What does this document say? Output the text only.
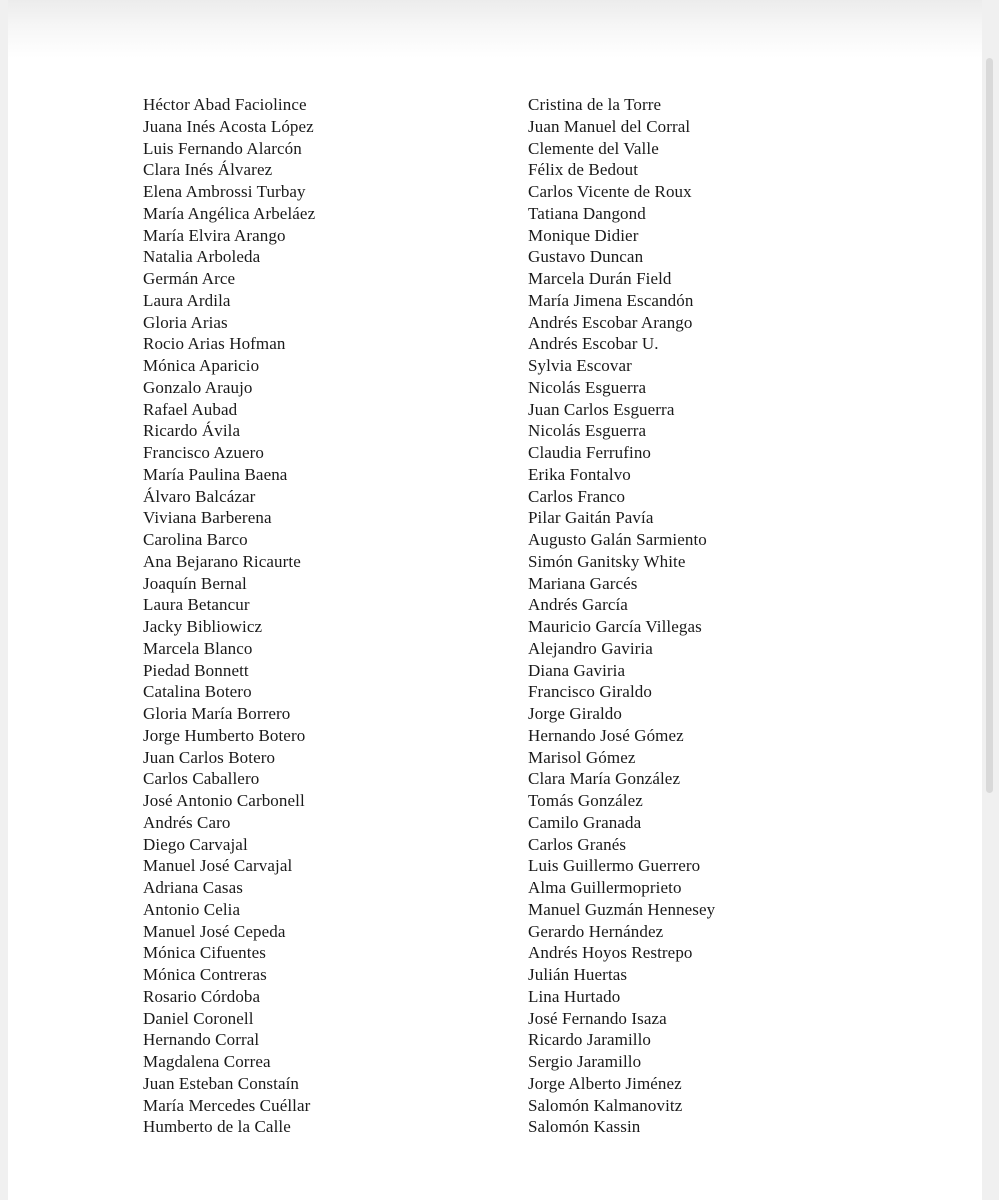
Héctor Abad Faciolince
Juana Inés Acosta López
Luis Fernando Alarcón
Clara Inés Álvarez
Elena Ambrossi Turbay
María Angélica Arbeláez
María Elvira Arango
Natalia Arboleda
Germán Arce
Laura Ardila
Gloria Arias
Rocio Arias Hofman
Mónica Aparicio
Gonzalo Araujo
Rafael Aubad
Ricardo Ávila
Francisco Azuero
María Paulina Baena
Álvaro Balcázar
Viviana Barberena
Carolina Barco
Ana Bejarano Ricaurte
Joaquín Bernal
Laura Betancur
Jacky Bibliowicz
Marcela Blanco
Piedad Bonnett
Catalina Botero
Gloria María Borrero
Jorge Humberto Botero
Juan Carlos Botero
Carlos Caballero
José Antonio Carbonell
Andrés Caro
Diego Carvajal
Manuel José Carvajal
Adriana Casas
Antonio Celia
Manuel José Cepeda
Mónica Cifuentes
Mónica Contreras
Rosario Córdoba
Daniel Coronell
Hernando Corral
Magdalena Correa
Juan Esteban Constaín
María Mercedes Cuéllar
Humberto de la Calle
Cristina de la Torre
Juan Manuel del Corral
Clemente del Valle
Félix de Bedout
Carlos Vicente de Roux
Tatiana Dangond
Monique Didier
Gustavo Duncan
Marcela Durán Field
María Jimena Escandón
Andrés Escobar Arango
Andrés Escobar U.
Sylvia Escovar
Nicolás Esguerra
Juan Carlos Esguerra
Nicolás Esguerra
Claudia Ferrufino
Erika Fontalvo
Carlos Franco
Pilar Gaitán Pavía
Augusto Galán Sarmiento
Simón Ganitsky White
Mariana Garcés
Andrés García
Mauricio García Villegas
Alejandro Gaviria
Diana Gaviria
Francisco Giraldo
Jorge Giraldo
Hernando José Gómez
Marisol Gómez
Clara María González
Tomás González
Camilo Granada
Carlos Granés
Luis Guillermo Guerrero
Alma Guillermoprieto
Manuel Guzmán Hennesey
Gerardo Hernández
Andrés Hoyos Restrepo
Julián Huertas
Lina Hurtado
José Fernando Isaza
Ricardo Jaramillo
Sergio Jaramillo
Jorge Alberto Jiménez
Salomón Kalmanovitz
Salomón Kassin
